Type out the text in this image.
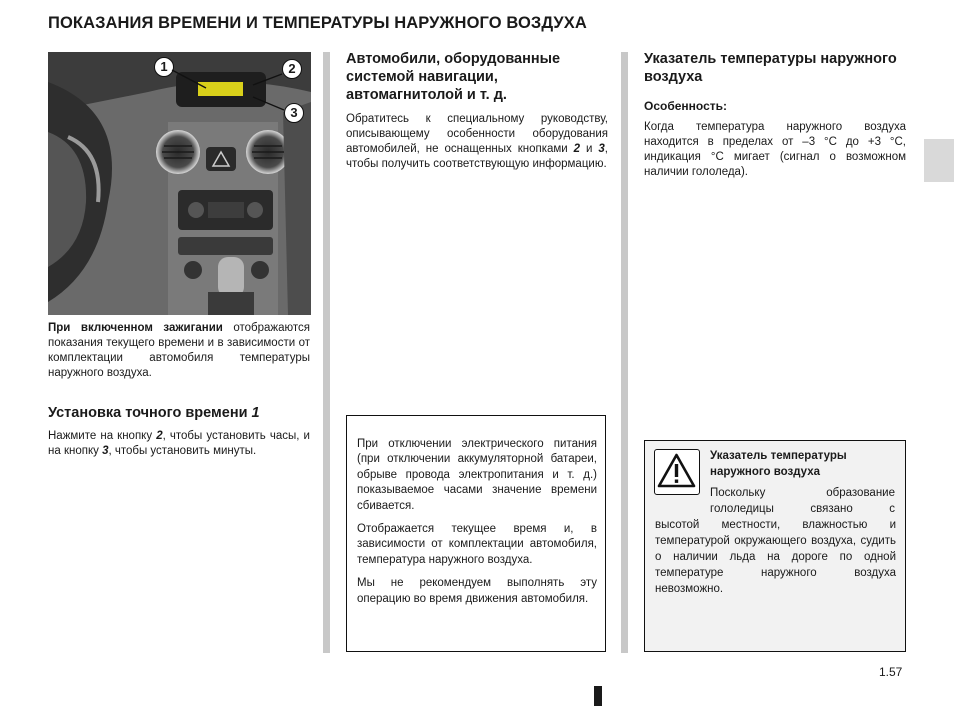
ПОКАЗАНИЯ ВРЕМЕНИ И ТЕМПЕРАТУРЫ НАРУЖНОГО ВОЗДУХА
1	2
3

При включенном зажигании отображаются показания текущего времени и в зависимости от комплектации автомобиля температуры наружного воздуха.

Установка точного времени 1

Нажмите на кнопку 2, чтобы установить часы, и на кнопку 3, чтобы установить минуты.

Автомобили, оборудованные системой навигации, автомагнитолой и т. д.

Обратитесь к специальному руководству, описывающему особенности оборудования автомобилей, не оснащенных кнопками 2 и 3, чтобы получить соответствующую информацию.

При отключении электрического питания (при отключении аккумуляторной батареи, обрыве провода электропитания и т. д.) показываемое часами значение времени сбивается.

Отображается текущее время и, в зависимости от комплектации автомобиля, температура наружного воздуха.

Мы не рекомендуем выполнять эту операцию во время движения автомобиля.

Указатель температуры наружного воздуха

Особенность:

Когда температура наружного воздуха находится в пределах от –3 °C до +3 °C, индикация °C мигает (сигнал о возможном наличии гололеда).

Указатель температуры наружного воздуха
Поскольку образование гололедицы связано с
высотой местности, влажностью и температурой окружающего воздуха, судить о наличии льда на дороге по одной температуре наружного воздуха невозможно.
1.57
